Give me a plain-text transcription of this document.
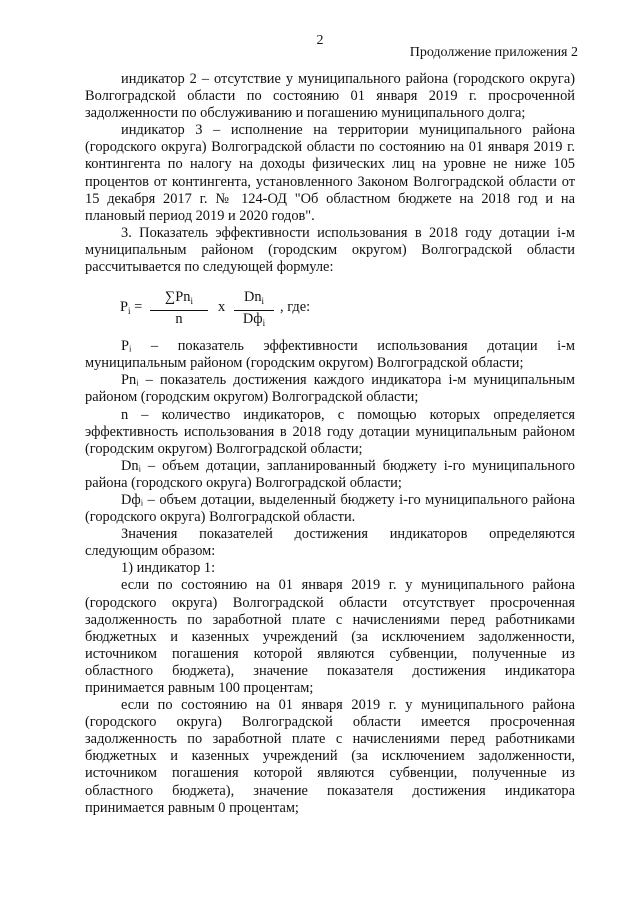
2
Продолжение приложения 2

индикатор 2 – отсутствие у муниципального района (городского округа) Волгоградской области по состоянию 01 января 2019 г. просроченной задолженности по обслуживанию и погашению муниципального долга;

индикатор 3 – исполнение на территории муниципального района (городского округа) Волгоградской области по состоянию на 01 января 2019 г. контингента по налогу на доходы физических лиц на уровне не ниже 105 процентов от контингента, установленного Законом Волгоградской области от 15 декабря 2017 г. № 124-ОД "Об областном бюджете на 2018 год и на плановый период 2019 и 2020 годов".

3. Показатель эффективности использования в 2018 году дотации i-м муниципальным районом (городским округом) Волгоградской области рассчитывается по следующей формуле:

$P_i$ =
$\sum Pn_i$
n
x
$Dn_i$
$Dф_i$
, где:

Pᵢ – показатель эффективности использования дотации i-м муниципальным районом (городским округом) Волгоградской области;

Pnᵢ – показатель достижения каждого индикатора i-м муниципальным районом (городским округом) Волгоградской области;

n – количество индикаторов, с помощью которых определяется эффективность использования в 2018 году дотации муниципальным районом (городским округом) Волгоградской области;

Dnᵢ – объем дотации, запланированный бюджету i-го муниципального района (городского округа) Волгоградской области;

Dфᵢ – объем дотации, выделенный бюджету i-го муниципального района (городского округа) Волгоградской области.

Значения показателей достижения индикаторов определяются следующим образом:

1) индикатор 1:

если по состоянию на 01 января 2019 г. у муниципального района (городского округа) Волгоградской области отсутствует просроченная задолженность по заработной плате с начислениями перед работниками бюджетных и казенных учреждений (за исключением задолженности, источником погашения которой являются субвенции, полученные из областного бюджета), значение показателя достижения индикатора принимается равным 100 процентам;

если по состоянию на 01 января 2019 г. у муниципального района (городского округа) Волгоградской области имеется просроченная задолженность по заработной плате с начислениями перед работниками бюджетных и казенных учреждений (за исключением задолженности, источником погашения которой являются субвенции, полученные из областного бюджета), значение показателя достижения индикатора принимается равным 0 процентам;
